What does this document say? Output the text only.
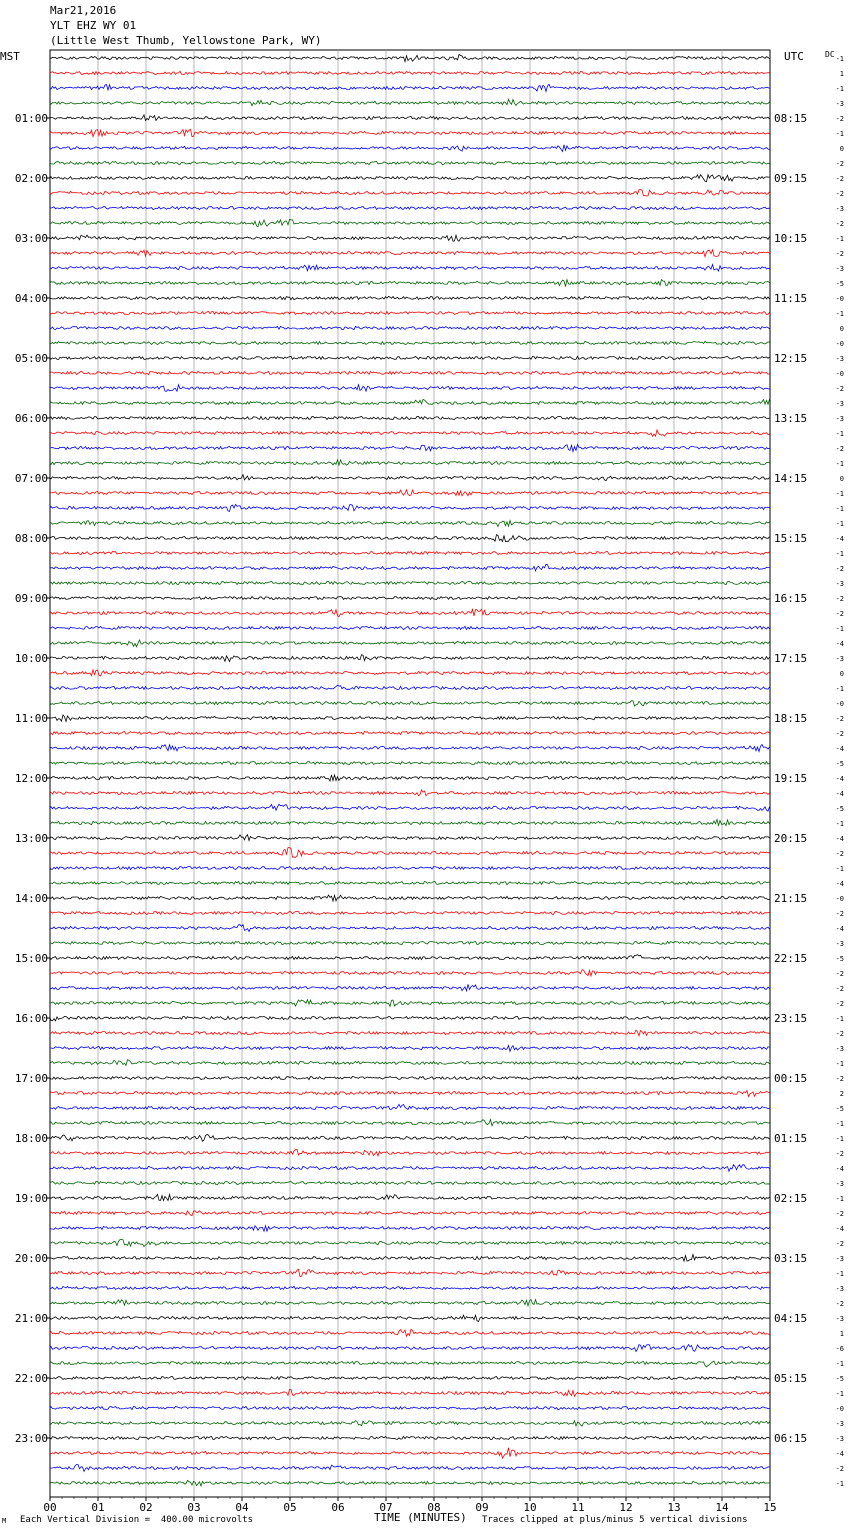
Mar21,2016
YLT EHZ WY 01
(Little West Thumb, Yellowstone Park, WY)
MST	UTC	DC
01:00
02:00
03:00
04:00
05:00
06:00
07:00
08:00
09:00
10:00
11:00
12:00
13:00
14:00
15:00
16:00
17:00
18:00
19:00
20:00
21:00
22:00
23:00
08:15
09:15
10:15
11:15
12:15
13:15
14:15
15:15
16:15
17:15
18:15
19:15
20:15
21:15
22:15
23:15
00:15
01:15
02:15
03:15
04:15
05:15
06:15
-1
1
-1
-3
-2
-1
0
-2
-2
-2
-3
-2
-1
-2
-3
-5
-0
-1
0
-0
-3
-0
-2
-3
-3
-1
-2
-1
0
-1
-1
-1
-4
-1
-2
-3
-2
-2
-1
-4
-3
0
-1
-0
-2
-2
-4
-5
-4
-4
-5
-1
-4
-2
-1
-4
-0
-2
-4
-3
-5
-2
-2
-2
-1
-2
-3
-1
-2
2
-5
-1
-1
-2
-4
-3
-1
-2
-4
-2
-3
-1
-3
-2
-3
1
-6
-1
-5
-1
-0
-3
-3
-4
-2
-1
00	01	02	03	04	05	06	07	08	09	10	11	12	13	14	15
M Each Vertical Division =  400.00 microvolts	TIME (MINUTES) Traces clipped at plus/minus 5 vertical divisions
